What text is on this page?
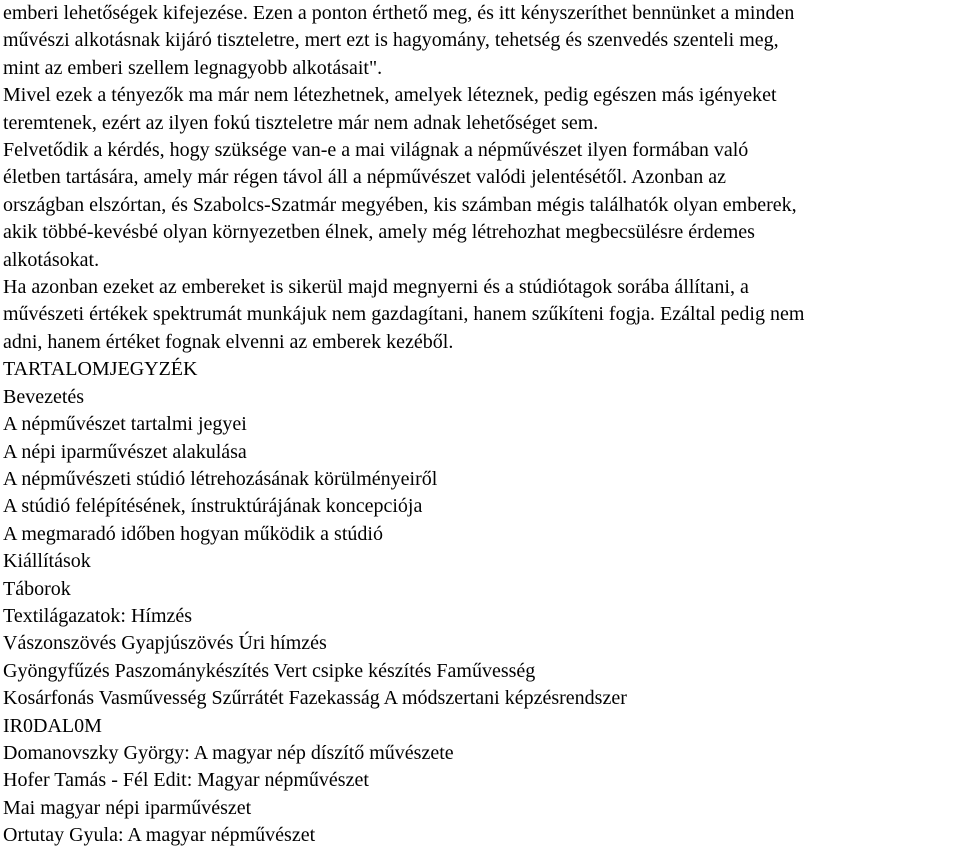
emberi lehetőségek kifejezése. Ezen a ponton érthető meg, és itt kényszeríthet bennünket a minden
művészi alkotásnak kijáró tiszteletre, mert ezt is hagyomány, tehetség és szenvedés szenteli meg,
mint az emberi szellem legnagyobb alkotásait".

Mivel ezek a tényezők ma már nem létezhetnek, amelyek léteznek, pedig egészen más igényeket
teremtenek, ezért az ilyen fokú tiszteletre már nem adnak lehetőséget sem.

Felvetődik a kérdés, hogy szüksége van-e a mai világnak a népművészet ilyen formában való
életben tartására, amely már régen távol áll a népművészet valódi jelentésétől. Azonban az
országban elszórtan, és Szabolcs-Szatmár megyében, kis számban mégis találhatók olyan emberek,
akik többé-kevésbé olyan környezetben élnek, amely még létrehozhat megbecsülésre érdemes
alkotásokat.

Ha azonban ezeket az embereket is sikerül majd megnyerni és a stúdiótagok sorába állítani, a
művészeti értékek spektrumát munkájuk nem gazdagítani, hanem szűkíteni fogja. Ezáltal pedig nem
adni, hanem értéket fognak elvenni az emberek kezéből.

TARTALOMJEGYZÉK

Bevezetés

A népművészet tartalmi jegyei

A népi iparművészet alakulása

A népművészeti stúdió létrehozásának körülményeiről

A stúdió felépítésének, ínstruktúrájának koncepciója

A megmaradó időben hogyan működik a stúdió

Kiállítások

Táborok

Textilágazatok: Hímzés

Vászonszövés Gyapjúszövés Úri hímzés

Gyöngyfűzés Paszománykészítés Vert csipke készítés Faművesség

Kosárfonás Vasművesség Szűrrátét Fazekasság A módszertani képzésrendszer

IR0DAL0M

Domanovszky György: A magyar nép díszítő művészete

Hofer Tamás - Fél Edit: Magyar népművészet

Mai magyar népi iparművészet

Ortutay Gyula: A magyar népművészet
